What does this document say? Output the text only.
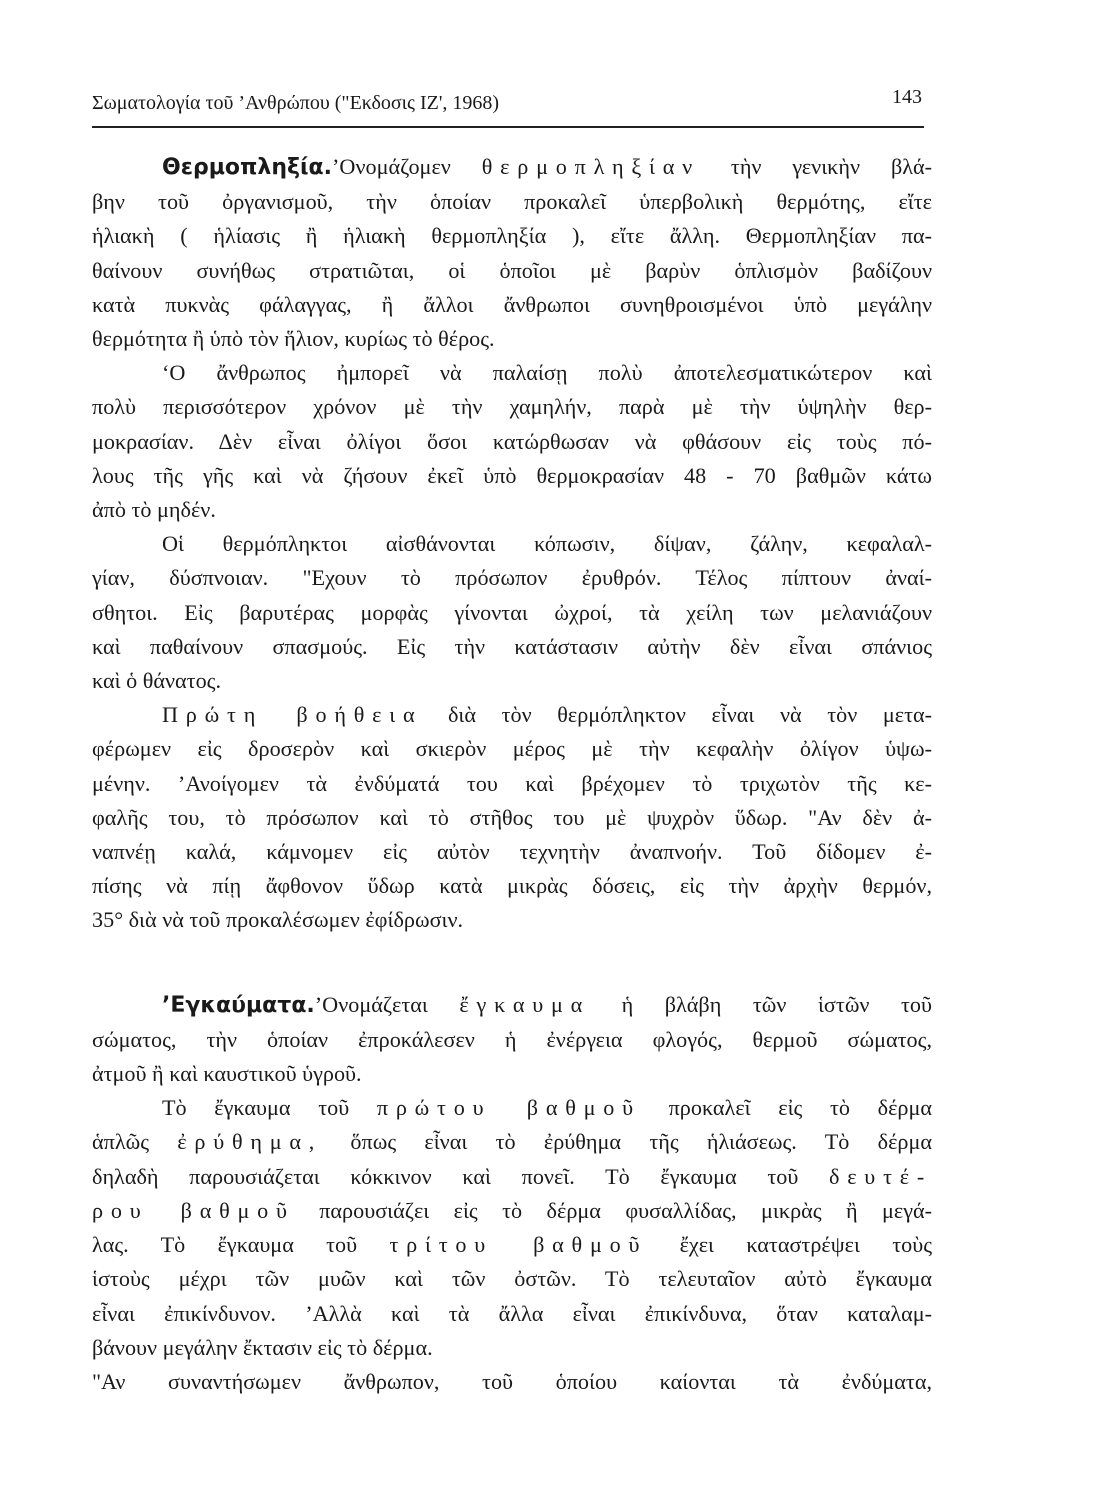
Σωματολογία τοῦ ’Ανθρώπου ("Εκδοσις ΙΖ', 1968)	143

Θερμοπληξία.’Ονομάζομεν θερμοπληξίαν τὴν γενικὴν βλά-
βην τοῦ ὀργανισμοῦ, τὴν ὁποίαν προκαλεῖ ὑπερβολικὴ θερμότης, εἴτε
ἡλιακὴ ( ἡλίασις ἢ ἡλιακὴ θερμοπληξία ), εἴτε ἄλλη. Θερμοπληξίαν πα-
θαίνουν συνήθως στρατιῶται, οἱ ὁποῖοι μὲ βαρὺν ὁπλισμὸν βαδίζουν
κατὰ πυκνὰς φάλαγγας, ἢ ἄλλοι ἄνθρωποι συνηθροισμένοι ὑπὸ μεγάλην
θερμότητα ἢ ὑπὸ τὸν ἥλιον, κυρίως τὸ θέρος.

‘Ο ἄνθρωπος ἠμπορεῖ νὰ παλαίσῃ πολὺ ἀποτελεσματικώτερον καὶ
πολὺ περισσότερον χρόνον μὲ τὴν χαμηλήν, παρὰ μὲ τὴν ὑψηλὴν θερ-
μοκρασίαν. Δὲν εἶναι ὀλίγοι ὅσοι κατώρθωσαν νὰ φθάσουν εἰς τοὺς πό-
λους τῆς γῆς καὶ νὰ ζήσουν ἐκεῖ ὑπὸ θερμοκρασίαν 48 - 70 βαθμῶν κάτω
ἀπὸ τὸ μηδέν.

Οἱ θερμόπληκτοι αἰσθάνονται κόπωσιν, δίψαν, ζάλην, κεφαλαλ-
γίαν, δύσπνοιαν. "Εχουν τὸ πρόσωπον ἐρυθρόν. Τέλος πίπτουν ἀναί-
σθητοι. Εἰς βαρυτέρας μορφὰς γίνονται ὠχροί, τὰ χείλη των μελανιάζουν
καὶ παθαίνουν σπασμούς. Εἰς τὴν κατάστασιν αὐτὴν δὲν εἶναι σπάνιος
καὶ ὁ θάνατος.

Πρώτη βοήθεια διὰ τὸν θερμόπληκτον εἶναι νὰ τὸν μετα-
φέρωμεν εἰς δροσερὸν καὶ σκιερὸν μέρος μὲ τὴν κεφαλὴν ὀλίγον ὑψω-
μένην. ’Ανοίγομεν τὰ ἐνδύματά του καὶ βρέχομεν τὸ τριχωτὸν τῆς κε-
φαλῆς του, τὸ πρόσωπον καὶ τὸ στῆθος του μὲ ψυχρὸν ὕδωρ. "Αν δὲν ἀ-
ναπνέῃ καλά, κάμνομεν εἰς αὐτὸν τεχνητὴν ἀναπνοήν. Τοῦ δίδομεν ἐ-
πίσης νὰ πίῃ ἄφθονον ὕδωρ κατὰ μικρὰς δόσεις, εἰς τὴν ἀρχὴν θερμόν,
35° διὰ νὰ τοῦ προκαλέσωμεν ἐφίδρωσιν.

’Εγκαύματα.’Ονομάζεται ἔγκαυμα ἡ βλάβη τῶν ἱστῶν τοῦ
σώματος, τὴν ὁποίαν ἐπροκάλεσεν ἡ ἐνέργεια φλογός, θερμοῦ σώματος,
ἀτμοῦ ἢ καὶ καυστικοῦ ὑγροῦ.

Τὸ ἔγκαυμα τοῦ πρώτου βαθμοῦ προκαλεῖ εἰς τὸ δέρμα
ἁπλῶς ἐρύθημα, ὅπως εἶναι τὸ ἐρύθημα τῆς ἡλιάσεως. Τὸ δέρμα
δηλαδὴ παρουσιάζεται κόκκινον καὶ πονεῖ. Τὸ ἔγκαυμα τοῦ δευτέ-
ρου βαθμοῦ παρουσιάζει εἰς τὸ δέρμα φυσαλλίδας, μικρὰς ἢ μεγά-
λας. Τὸ ἔγκαυμα τοῦ τρίτου βαθμοῦ ἔχει καταστρέψει τοὺς
ἱστοὺς μέχρι τῶν μυῶν καὶ τῶν ὀστῶν. Τὸ τελευταῖον αὐτὸ ἔγκαυμα
εἶναι ἐπικίνδυνον. ’Αλλὰ καὶ τὰ ἄλλα εἶναι ἐπικίνδυνα, ὅταν καταλαμ-
βάνουν μεγάλην ἔκτασιν εἰς τὸ δέρμα.

"Αν συναντήσωμεν ἄνθρωπον, τοῦ ὁποίου καίονται τὰ ἐνδύματα,
